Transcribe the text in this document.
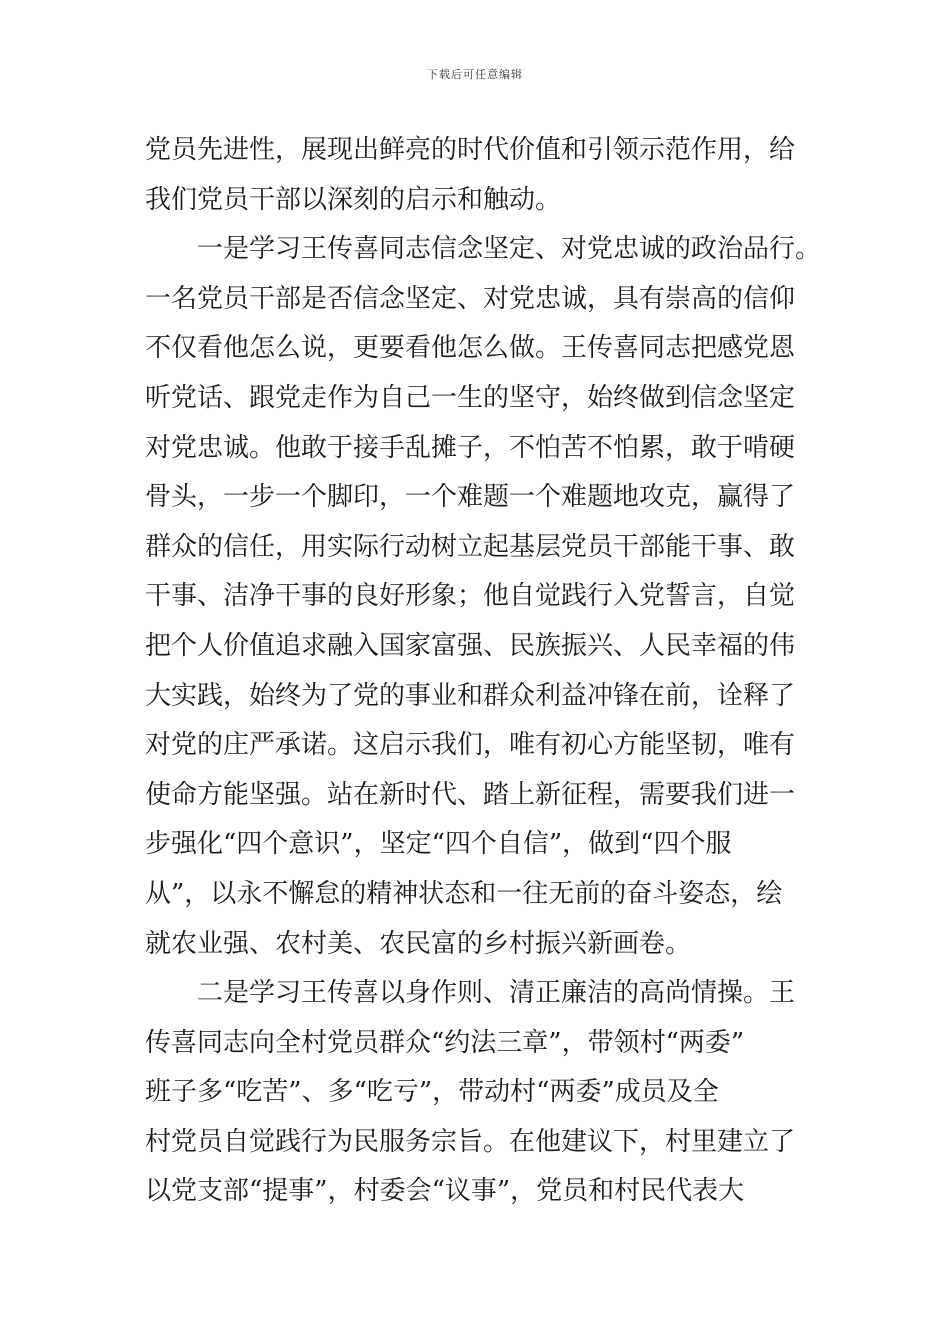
下载后可任意编辑
党员先进性，展现出鲜亮的时代价值和引领示范作用，给
我们党员干部以深刻的启示和触动。
一是学习王传喜同志信念坚定、对党忠诚的政治品行。
一名党员干部是否信念坚定、对党忠诚，具有崇高的信仰
不仅看他怎么说，更要看他怎么做。王传喜同志把感党恩
听党话、跟党走作为自己一生的坚守，始终做到信念坚定
对党忠诚。他敢于接手乱摊子，不怕苦不怕累，敢于啃硬
骨头，一步一个脚印，一个难题一个难题地攻克，赢得了
群众的信任，用实际行动树立起基层党员干部能干事、敢
干事、洁净干事的良好形象；他自觉践行入党誓言，自觉
把个人价值追求融入国家富强、民族振兴、人民幸福的伟
大实践，始终为了党的事业和群众利益冲锋在前，诠释了
对党的庄严承诺。这启示我们，唯有初心方能坚韧，唯有
使命方能坚强。站在新时代、踏上新征程，需要我们进一
步强化“四个意识”，坚定“四个自信”，做到“四个服
从”，以永不懈怠的精神状态和一往无前的奋斗姿态，绘
就农业强、农村美、农民富的乡村振兴新画卷。
二是学习王传喜以身作则、清正廉洁的高尚情操。王
传喜同志向全村党员群众“约法三章”，带领村“两委”
班子多“吃苦”、多“吃亏”，带动村“两委”成员及全
村党员自觉践行为民服务宗旨。在他建议下，村里建立了
以党支部“提事”，村委会“议事”，党员和村民代表大
